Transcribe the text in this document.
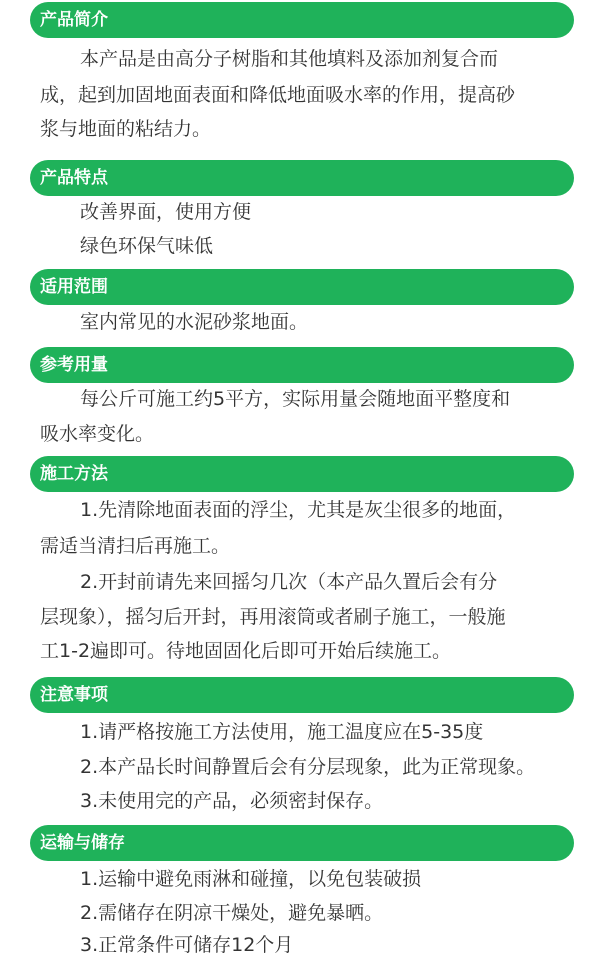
产品简介
本产品是由高分子树脂和其他填料及添加剂复合而
成，起到加固地面表面和降低地面吸水率的作用，提高砂
浆与地面的粘结力。
产品特点
改善界面，使用方便
绿色环保气味低
适用范围
室内常见的水泥砂浆地面。
参考用量
每公斤可施工约5平方，实际用量会随地面平整度和
吸水率变化。
施工方法
1.先清除地面表面的浮尘，尤其是灰尘很多的地面，
需适当清扫后再施工。
2.开封前请先来回摇匀几次（本产品久置后会有分
层现象），摇匀后开封，再用滚筒或者刷子施工，一般施
工1-2遍即可。待地固固化后即可开始后续施工。
注意事项
1.请严格按施工方法使用，施工温度应在5-35度
2.本产品长时间静置后会有分层现象，此为正常现象。
3.未使用完的产品，必须密封保存。
运输与储存
1.运输中避免雨淋和碰撞，以免包装破损
2.需储存在阴凉干燥处，避免暴晒。
3.正常条件可储存12个月
